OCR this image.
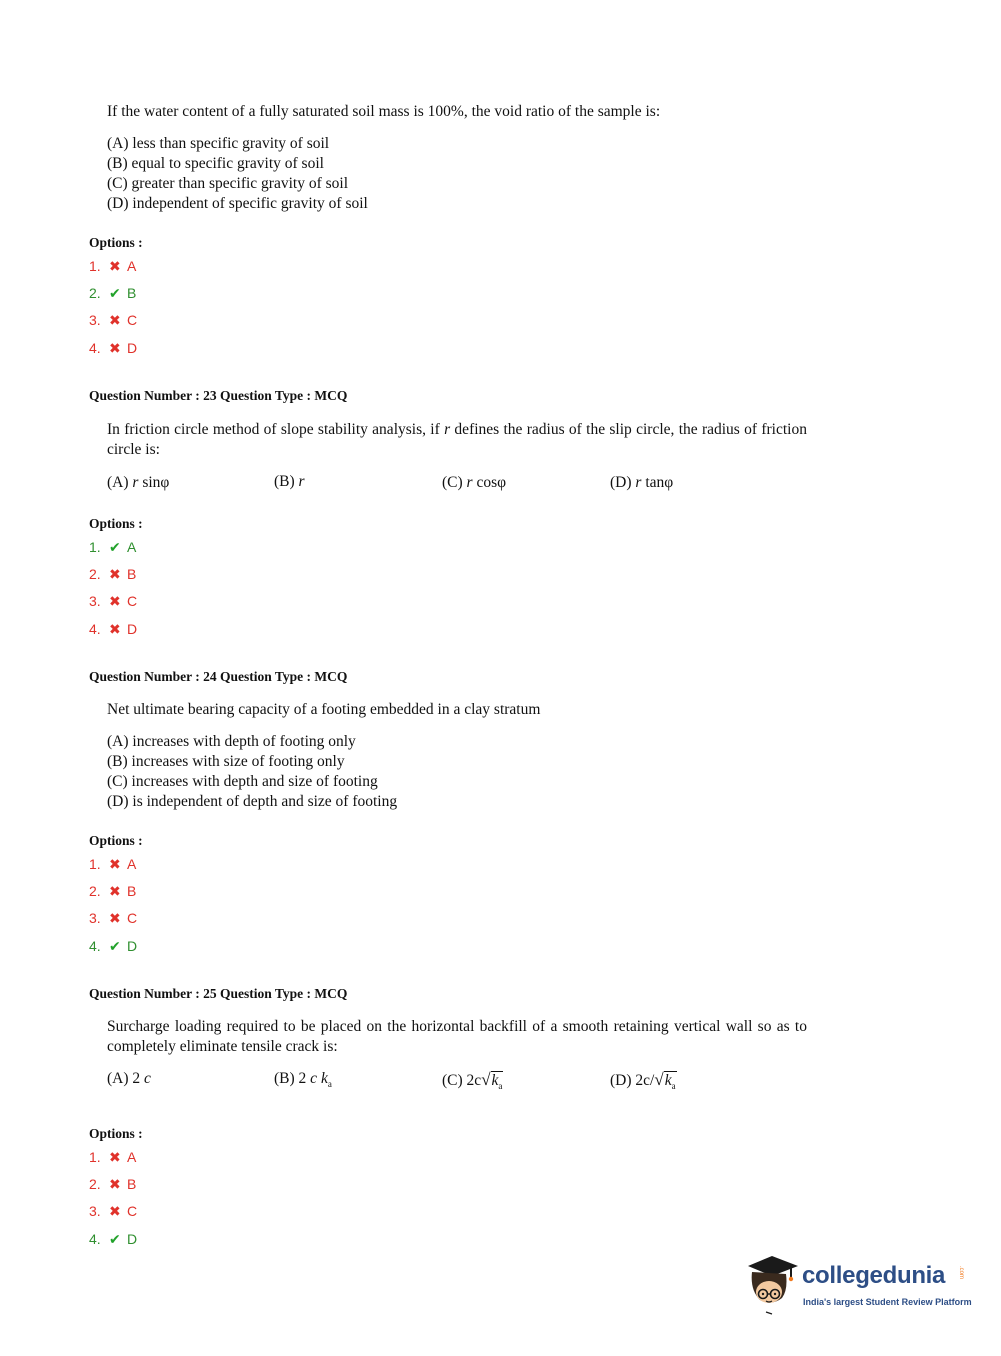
If the water content of a fully saturated soil mass is 100%, the void ratio of the sample is:
(A) less than specific gravity of soil
(B) equal to specific gravity of soil
(C) greater than specific gravity of soil
(D) independent of specific gravity of soil
Options :
1. ✖ A
2. ✔ B
3. ✖ C
4. ✖ D
Question Number : 23 Question Type : MCQ
In friction circle method of slope stability analysis, if r defines the radius of the slip circle, the radius of friction circle is:
(A) r sinφ	(B) r	(C) r cosφ	(D) r tanφ
Options :
1. ✔ A
2. ✖ B
3. ✖ C
4. ✖ D
Question Number : 24 Question Type : MCQ
Net ultimate bearing capacity of a footing embedded in a clay stratum
(A) increases with depth of footing only
(B) increases with size of footing only
(C) increases with depth and size of footing
(D) is independent of depth and size of footing
Options :
1. ✖ A
2. ✖ B
3. ✖ C
4. ✔ D
Question Number : 25 Question Type : MCQ
Surcharge loading required to be placed on the horizontal backfill of a smooth retaining vertical wall so as to completely eliminate tensile crack is:
(A) 2 c	(B) 2 c $k_a$	(C) $2c√k_a$	(D) $2c/√k_a$
Options :
1. ✖ A
2. ✖ B
3. ✖ C
4. ✔ D
collegedunia .com
India's largest Student Review Platform
